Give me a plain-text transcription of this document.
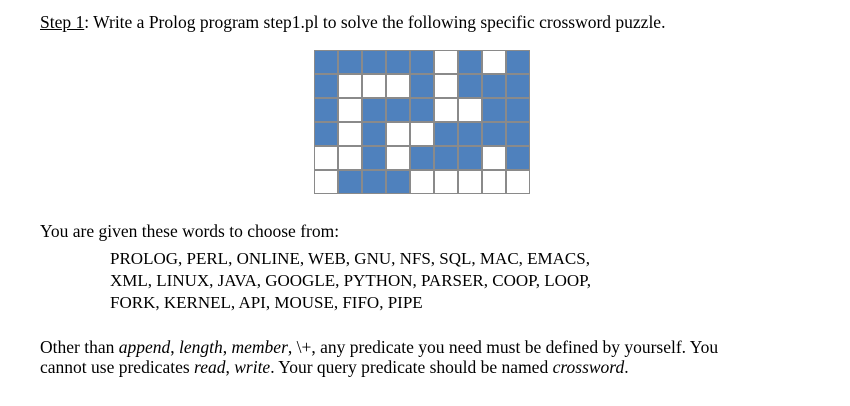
Step 1: Write a Prolog program step1.pl to solve the following specific crossword puzzle.
You are given these words to choose from:
PROLOG, PERL, ONLINE, WEB, GNU, NFS, SQL, MAC, EMACS,
XML, LINUX, JAVA, GOOGLE, PYTHON, PARSER, COOP, LOOP,
FORK, KERNEL, API, MOUSE, FIFO, PIPE
Other than append, length, member, \+, any predicate you need must be defined by yourself. You
cannot use predicates read, write. Your query predicate should be named crossword.
